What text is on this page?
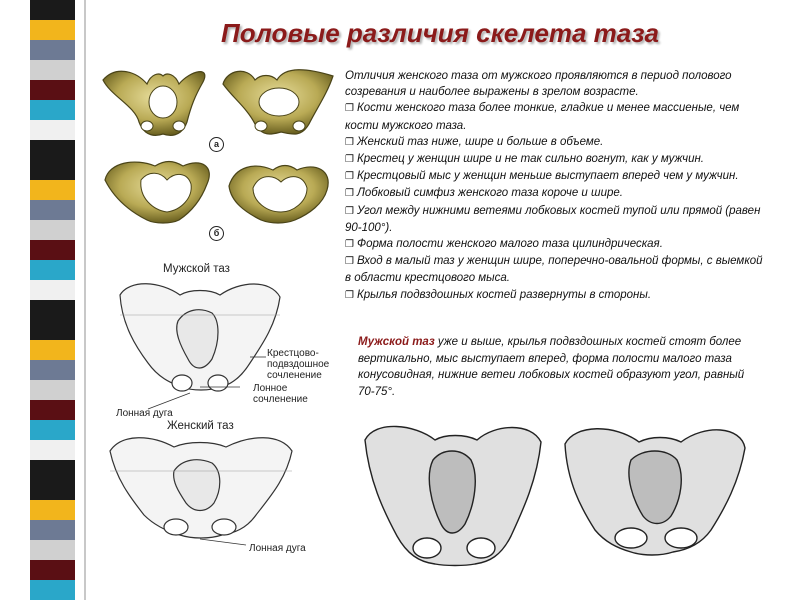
Половые различия скелета таза
а
б
Мужской таз
Женский таз
Крестцово-
подвздошное
сочленение
Лонное
сочленение
Лонная дуга
Лонная дуга

Отличия женского таза от мужского проявляются в период полового созревания и наиболее выражены в зрелом возрасте.

❐ Кости женского таза более тонкие, гладкие и менее массиеные, чем кости мужского таза.

❐ Женский таз ниже, шире и больше в объеме.

❐ Крестец у женщин шире и не так сильно вогнут, как у мужчин.

❐ Крестцовый мыс у женщин меньше выступает вперед чем у мужчин.

❐ Лобковый симфиз женского таза короче и шире.

❐ Угол между нижними ветеями лобковых костей тупой или прямой (равен 90-100°).

❐ Форма полости женского малого таза цилиндрическая.

❐ Вход в малый таз у женщин шире, поперечно-овальной формы, с выемкой в области крестцового мыса.

❐ Крылья подвздошных костей развернуты в стороны.

Мужской таз уже и выше, крылья подвздошных костей стоят более вертикально, мыс выступает вперед, форма полости малого таза конусовидная, нижние ветеи лобковых костей образуют угол, равный 70-75°.
